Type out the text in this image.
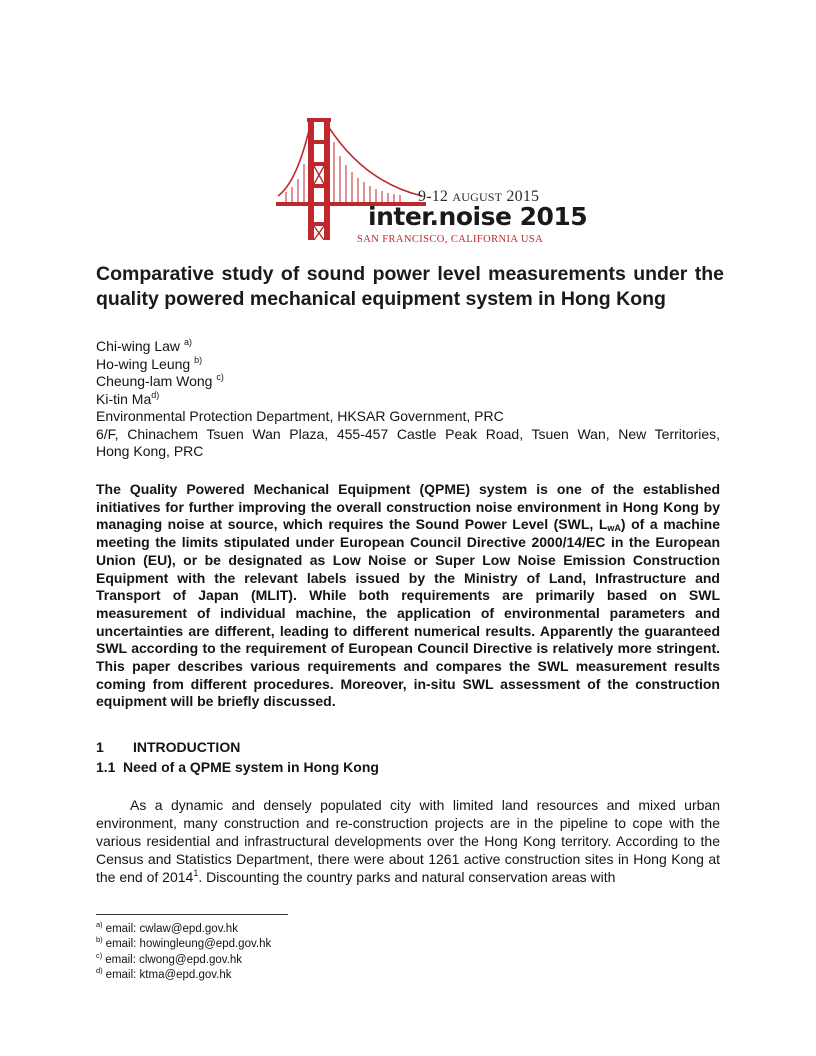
9-12 AUGUST 2015
inter.noise 2015
SAN FRANCISCO, CALIFORNIA USA
Comparative study of sound power level measurements under the quality powered mechanical equipment system in Hong Kong
Chi-wing Law $^{a)}$
Ho-wing Leung $^{b)}$
Cheung-lam Wong $^{c)}$
Ki-tin Ma$^{d)}$
Environmental Protection Department, HKSAR Government, PRC
6/F, Chinachem Tsuen Wan Plaza, 455-457 Castle Peak Road, Tsuen Wan, New Territories,
Hong Kong, PRC
The Quality Powered Mechanical Equipment (QPME) system is one of the established initiatives for further improving the overall construction noise environment in Hong Kong by managing noise at source, which requires the Sound Power Level (SWL, $L_{wA}$) of a machine meeting the limits stipulated under European Council Directive 2000/14/EC in the European Union (EU), or be designated as Low Noise or Super Low Noise Emission Construction Equipment with the relevant labels issued by the Ministry of Land, Infrastructure and Transport of Japan (MLIT). While both requirements are primarily based on SWL measurement of individual machine, the application of environmental parameters and uncertainties are different, leading to different numerical results. Apparently the guaranteed SWL according to the requirement of European Council Directive is relatively more stringent. This paper describes various requirements and compares the SWL measurement results coming from different procedures. Moreover, in-situ SWL assessment of the construction equipment will be briefly discussed.
1 INTRODUCTION
1.1 Need of a QPME system in Hong Kong
As a dynamic and densely populated city with limited land resources and mixed urban environment, many construction and re-construction projects are in the pipeline to cope with the various residential and infrastructural developments over the Hong Kong territory. According to the Census and Statistics Department, there were about 1261 active construction sites in Hong Kong at the end of 2014$^1$. Discounting the country parks and natural conservation areas with
$^{a)}$ email: cwlaw@epd.gov.hk
$^{b)}$ email: howingleung@epd.gov.hk
$^{c)}$ email: clwong@epd.gov.hk
$^{d)}$ email: ktma@epd.gov.hk
